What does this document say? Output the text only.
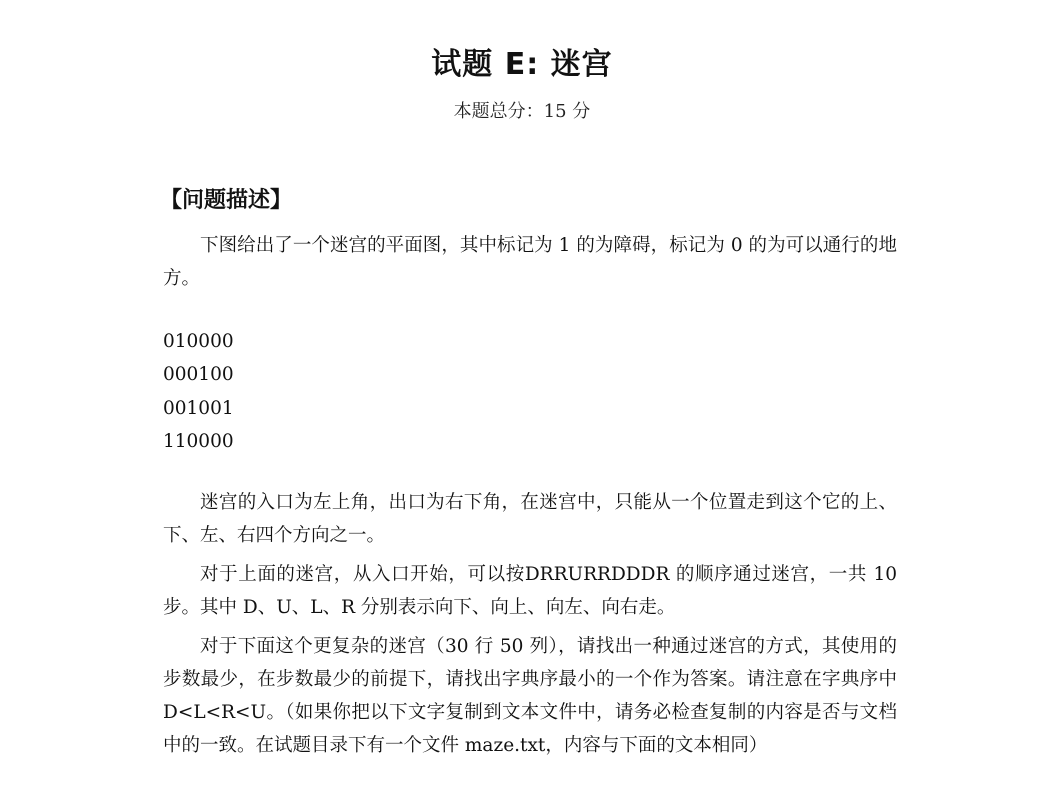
试题 E: 迷宫
本题总分：15 分
【问题描述】

下图给出了一个迷宫的平面图，其中标记为 1 的为障碍，标记为 0 的为可以通行的地方。

010000
000100
001001
110000

迷宫的入口为左上角，出口为右下角，在迷宫中，只能从一个位置走到这个它的上、下、左、右四个方向之一。

对于上面的迷宫，从入口开始，可以按DRRURRDDDR 的顺序通过迷宫，一共 10 步。其中 D、U、L、R 分别表示向下、向上、向左、向右走。

对于下面这个更复杂的迷宫（30 行 50 列），请找出一种通过迷宫的方式，其使用的步数最少，在步数最少的前提下，请找出字典序最小的一个作为答案。请注意在字典序中D<L<R<U。（如果你把以下文字复制到文本文件中，请务必检查复制的内容是否与文档中的一致。在试题目录下有一个文件 maze.txt，内容与下面的文本相同）
